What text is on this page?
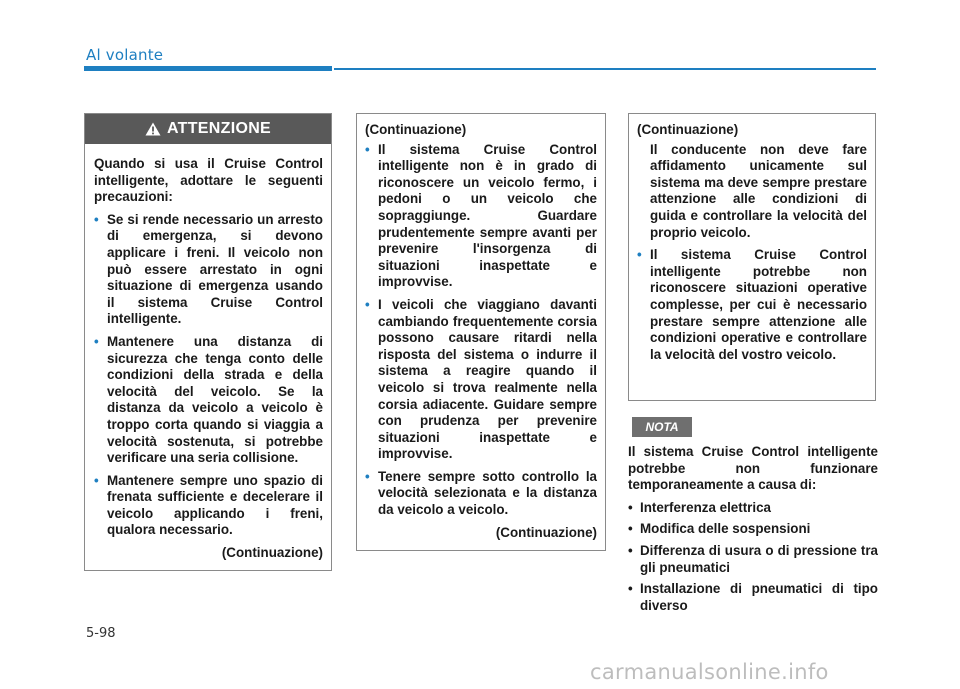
Al volante
ATTENZIONE
Quando si usa il Cruise Control intelligente, adottare le seguenti precauzioni:
• Se si rende necessario un arresto di emergenza, si devono applicare i freni. Il veicolo non può essere arrestato in ogni situazione di emergenza usando il sistema Cruise Control intelligente.
• Mantenere una distanza di sicurezza che tenga conto delle condizioni della strada e della velocità del veicolo. Se la distanza da veicolo a veicolo è troppo corta quando si viaggia a velocità sostenuta, si potrebbe verificare una seria collisione.
• Mantenere sempre uno spazio di frenata sufficiente e decelerare il veicolo applicando i freni, qualora necessario.
(Continuazione)
(Continuazione)
• Il sistema Cruise Control intelligente non è in grado di riconoscere un veicolo fermo, i pedoni o un veicolo che sopraggiunge. Guardare prudentemente sempre avanti per prevenire l'insorgenza di situazioni inaspettate e improvvise.
• I veicoli che viaggiano davanti cambiando frequentemente corsia possono causare ritardi nella risposta del sistema o indurre il sistema a reagire quando il veicolo si trova realmente nella corsia adiacente. Guidare sempre con prudenza per prevenire situazioni inaspettate e improvvise.
• Tenere sempre sotto controllo la velocità selezionata e la distanza da veicolo a veicolo.
(Continuazione)
(Continuazione)
Il conducente non deve fare affidamento unicamente sul sistema ma deve sempre prestare attenzione alle condizioni di guida e controllare la velocità del proprio veicolo.
• Il sistema Cruise Control intelligente potrebbe non riconoscere situazioni operative complesse, per cui è necessario prestare sempre attenzione alle condizioni operative e controllare la velocità del vostro veicolo.
NOTA
Il sistema Cruise Control intelligente potrebbe non funzionare temporaneamente a causa di:
• Interferenza elettrica
• Modifica delle sospensioni
• Differenza di usura o di pressione tra gli pneumatici
• Installazione di pneumatici di tipo diverso
5-98
carmanualsonline.info
